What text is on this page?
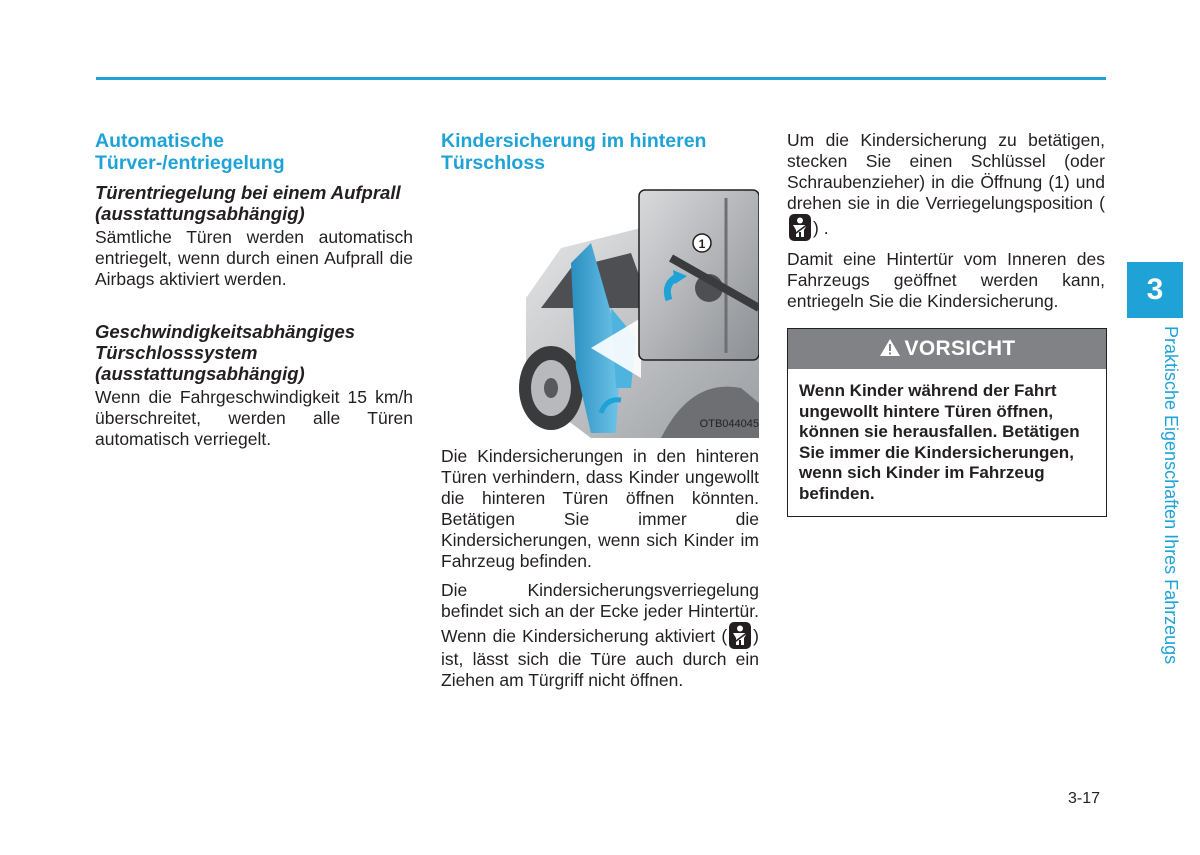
Automatische Türver-/entriegelung
Türentriegelung bei einem Aufprall (ausstattungsabhängig)

Sämtliche Türen werden automatisch entriegelt, wenn durch einen Aufprall die Airbags aktiviert werden.

Geschwindigkeitsabhängiges Türschlosssystem (ausstattungsabhängig)

Wenn die Fahrgeschwindigkeit 15 km/h überschreitet, werden alle Türen automatisch verriegelt.

Kindersicherung im hinteren Türschloss
1
OTB044045

Die Kindersicherungen in den hinteren Türen verhindern, dass Kinder ungewollt die hinteren Türen öffnen könnten. Betätigen Sie immer die Kindersicherungen, wenn sich Kinder im Fahrzeug befinden.

Die Kindersicherungsverriegelung befindet sich an der Ecke jeder Hintertür. Wenn die Kindersicherung aktiviert ( ) ist, lässt sich die Türe auch durch ein Ziehen am Türgriff nicht öffnen.

Um die Kindersicherung zu betätigen, stecken Sie einen Schlüssel (oder Schraubenzieher) in die Öffnung (1) und drehen sie in die Verriegelungsposition (
) .

Damit eine Hintertür vom Inneren des Fahrzeugs geöffnet werden kann, entriegeln Sie die Kindersicherung.

VORSICHT
Wenn Kinder während der Fahrt ungewollt hintere Türen öffnen, können sie herausfallen. Betätigen Sie immer die Kindersicherungen, wenn sich Kinder im Fahrzeug befinden.
3
Praktische Eigenschaften Ihres Fahrzeugs
3-17
